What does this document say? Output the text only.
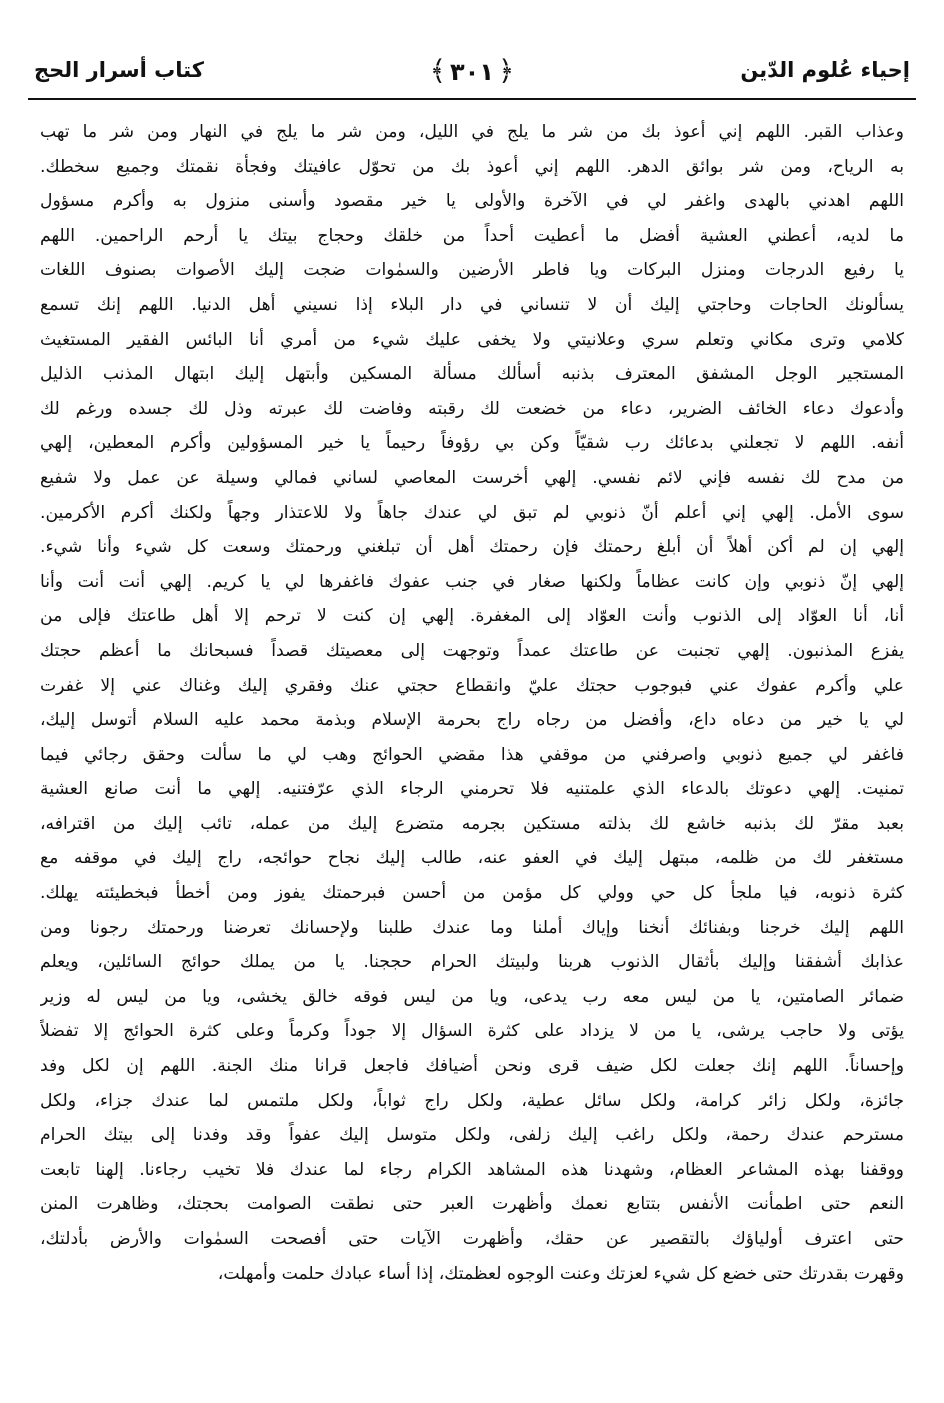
إحياء عُلوم الدّين
﴿٣٠١﴾
كتاب أسرار الحج
وعذاب القبر. اللهم إني أعوذ بك من شر ما يلج في الليل، ومن شر ما يلج في النهار ومن شر ما تهب
به الرياح، ومن شر بوائق الدهر. اللهم إني أعوذ بك من تحوّل عافيتك وفجأة نقمتك وجميع سخطك.
اللهم اهدني بالهدى واغفر لي في الآخرة والأولى يا خير مقصود وأسنى منزول به وأكرم مسؤول
ما لديه، أعطني العشية أفضل ما أعطيت أحداً من خلقك وحجاج بيتك يا أرحم الراحمين. اللهم
يا رفيع الدرجات ومنزل البركات ويا فاطر الأرضين والسمٰوات ضجت إليك الأصوات بصنوف اللغات
يسألونك الحاجات وحاجتي إليك أن لا تنساني في دار البلاء إذا نسيني أهل الدنيا. اللهم إنك تسمع
كلامي وترى مكاني وتعلم سري وعلانيتي ولا يخفى عليك شيء من أمري أنا البائس الفقير المستغيث
المستجير الوجل المشفق المعترف بذنبه أسألك مسألة المسكين وأبتهل إليك ابتهال المذنب الذليل
وأدعوك دعاء الخائف الضرير، دعاء من خضعت لك رقبته وفاضت لك عبرته وذل لك جسده ورغم لك
أنفه. اللهم لا تجعلني بدعائك رب شقيّاً وكن بي رؤوفاً رحيماً يا خير المسؤولين وأكرم المعطين، إلهي
من مدح لك نفسه فإني لائم نفسي. إلهي أخرست المعاصي لساني فمالي وسيلة عن عمل ولا شفيع
سوى الأمل. إلهي إني أعلم أنّ ذنوبي لم تبق لي عندك جاهاً ولا للاعتذار وجهاً ولكنك أكرم الأكرمين.
إلهي إن لم أكن أهلاً أن أبلغ رحمتك فإن رحمتك أهل أن تبلغني ورحمتك وسعت كل شيء وأنا شيء.
إلهي إنّ ذنوبي وإن كانت عظاماً ولكنها صغار في جنب عفوك فاغفرها لي يا كريم. إلهي أنت أنت وأنا
أنا، أنا العوّاد إلى الذنوب وأنت العوّاد إلى المغفرة. إلهي إن كنت لا ترحم إلا أهل طاعتك فإلى من
يفزع المذنبون. إلهي تجنبت عن طاعتك عمداً وتوجهت إلى معصيتك قصداً فسبحانك ما أعظم حجتك
علي وأكرم عفوك عني فبوجوب حجتك عليّ وانقطاع حجتي عنك وفقري إليك وغناك عني إلا غفرت
لي يا خير من دعاه داع، وأفضل من رجاه راج بحرمة الإسلام وبذمة محمد عليه السلام أتوسل إليك،
فاغفر لي جميع ذنوبي واصرفني من موقفي هذا مقضي الحوائج وهب لي ما سألت وحقق رجائي فيما
تمنيت. إلهي دعوتك بالدعاء الذي علمتنيه فلا تحرمني الرجاء الذي عرّفتنيه. إلهي ما أنت صانع العشية
بعبد مقرّ لك بذنبه خاشع لك بذلته مستكين بجرمه متضرع إليك من عمله، تائب إليك من اقترافه،
مستغفر لك من ظلمه، مبتهل إليك في العفو عنه، طالب إليك نجاح حوائجه، راج إليك في موقفه مع
كثرة ذنوبه، فيا ملجأ كل حي وولي كل مؤمن من أحسن فبرحمتك يفوز ومن أخطأ فبخطيئته يهلك.
اللهم إليك خرجنا وبفنائك أنخنا وإياك أملنا وما عندك طلبنا ولإحسانك تعرضنا ورحمتك رجونا ومن
عذابك أشفقنا وإليك بأثقال الذنوب هربنا ولبيتك الحرام حججنا. يا من يملك حوائج السائلين، ويعلم
ضمائر الصامتين، يا من ليس معه رب يدعى، ويا من ليس فوقه خالق يخشى، ويا من ليس له وزير
يؤتى ولا حاجب يرشى، يا من لا يزداد على كثرة السؤال إلا جوداً وكرماً وعلى كثرة الحوائج إلا تفضلاً
وإحساناً. اللهم إنك جعلت لكل ضيف قرى ونحن أضيافك فاجعل قرانا منك الجنة. اللهم إن لكل وفد
جائزة، ولكل زائر كرامة، ولكل سائل عطية، ولكل راج ثواباً، ولكل ملتمس لما عندك جزاء، ولكل
مسترحم عندك رحمة، ولكل راغب إليك زلفى، ولكل متوسل إليك عفواً وقد وفدنا إلى بيتك الحرام
ووقفنا بهذه المشاعر العظام، وشهدنا هذه المشاهد الكرام رجاء لما عندك فلا تخيب رجاءنا. إلهنا تابعت
النعم حتى اطمأنت الأنفس بتتابع نعمك وأظهرت العبر حتى نطقت الصوامت بحجتك، وظاهرت المنن
حتى اعترف أولياؤك بالتقصير عن حقك، وأظهرت الآيات حتى أفصحت السمٰوات والأرض بأدلتك،
وقهرت بقدرتك حتى خضع كل شيء لعزتك وعنت الوجوه لعظمتك، إذا أساء عبادك حلمت وأمهلت،
